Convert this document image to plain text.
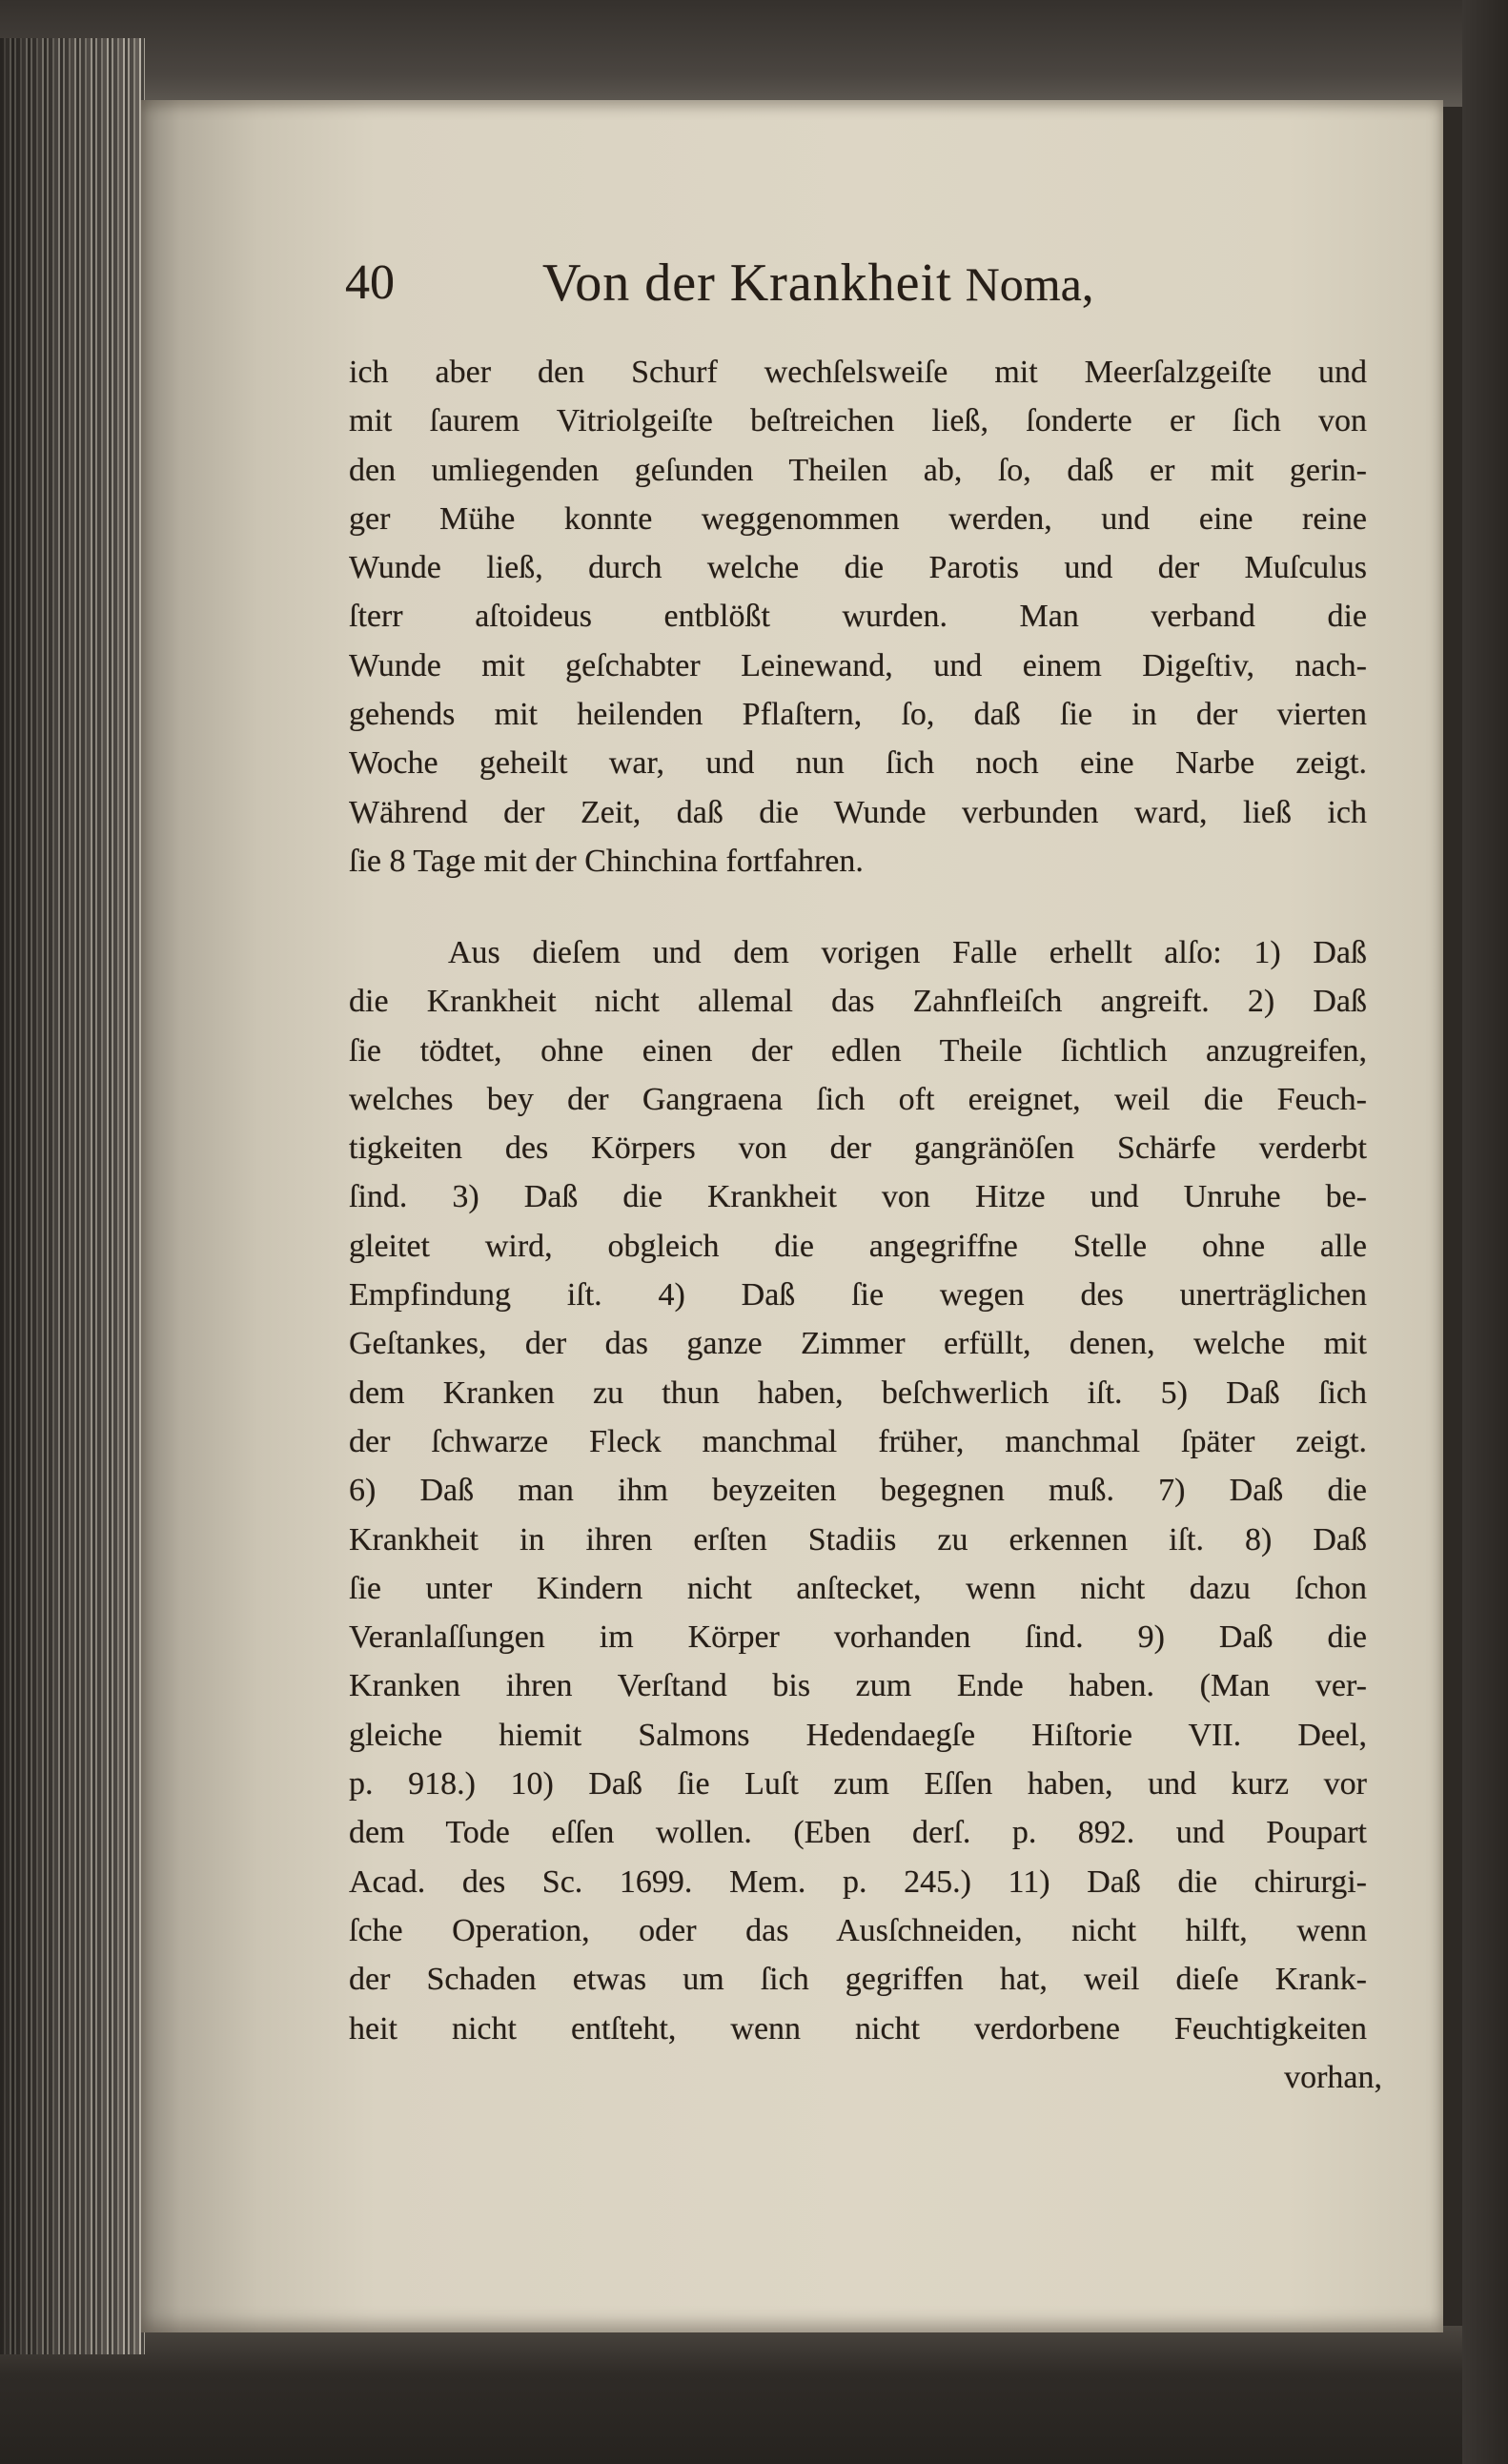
40	Von der Krankheit Noma,
ich aber den Schurf wechſelsweiſe mit Meerſalzgeiſte und
mit ſaurem Vitriolgeiſte beſtreichen ließ, ſonderte er ſich von
den umliegenden geſunden Theilen ab, ſo, daß er mit gerin-
ger Mühe konnte weggenommen werden, und eine reine
Wunde ließ, durch welche die Parotis und der Muſculus
ſterr aſtoideus entblößt wurden. Man verband die
Wunde mit geſchabter Leinewand, und einem Digeſtiv, nach-
gehends mit heilenden Pflaſtern, ſo, daß ſie in der vierten
Woche geheilt war, und nun ſich noch eine Narbe zeigt.
Während der Zeit, daß die Wunde verbunden ward, ließ ich
ſie 8 Tage mit der Chinchina fortfahren.
Aus dieſem und dem vorigen Falle erhellt alſo: 1) Daß
die Krankheit nicht allemal das Zahnfleiſch angreift. 2) Daß
ſie tödtet, ohne einen der edlen Theile ſichtlich anzugreifen,
welches bey der Gangraena ſich oft ereignet, weil die Feuch-
tigkeiten des Körpers von der gangränöſen Schärfe verderbt
ſind. 3) Daß die Krankheit von Hitze und Unruhe be-
gleitet wird, obgleich die angegriffne Stelle ohne alle
Empfindung iſt. 4) Daß ſie wegen des unerträglichen
Geſtankes, der das ganze Zimmer erfüllt, denen, welche mit
dem Kranken zu thun haben, beſchwerlich iſt. 5) Daß ſich
der ſchwarze Fleck manchmal früher, manchmal ſpäter zeigt.
6) Daß man ihm beyzeiten begegnen muß. 7) Daß die
Krankheit in ihren erſten Stadiis zu erkennen iſt. 8) Daß
ſie unter Kindern nicht anſtecket, wenn nicht dazu ſchon
Veranlaſſungen im Körper vorhanden ſind. 9) Daß die
Kranken ihren Verſtand bis zum Ende haben. (Man ver-
gleiche hiemit Salmons Hedendaegſe Hiſtorie VII. Deel,
p. 918.) 10) Daß ſie Luſt zum Eſſen haben, und kurz vor
dem Tode eſſen wollen. (Eben derſ. p. 892. und Poupart
Acad. des Sc. 1699. Mem. p. 245.) 11) Daß die chirurgi-
ſche Operation, oder das Ausſchneiden, nicht hilft, wenn
der Schaden etwas um ſich gegriffen hat, weil dieſe Krank-
heit nicht entſteht, wenn nicht verdorbene Feuchtigkeiten
vorhan,
